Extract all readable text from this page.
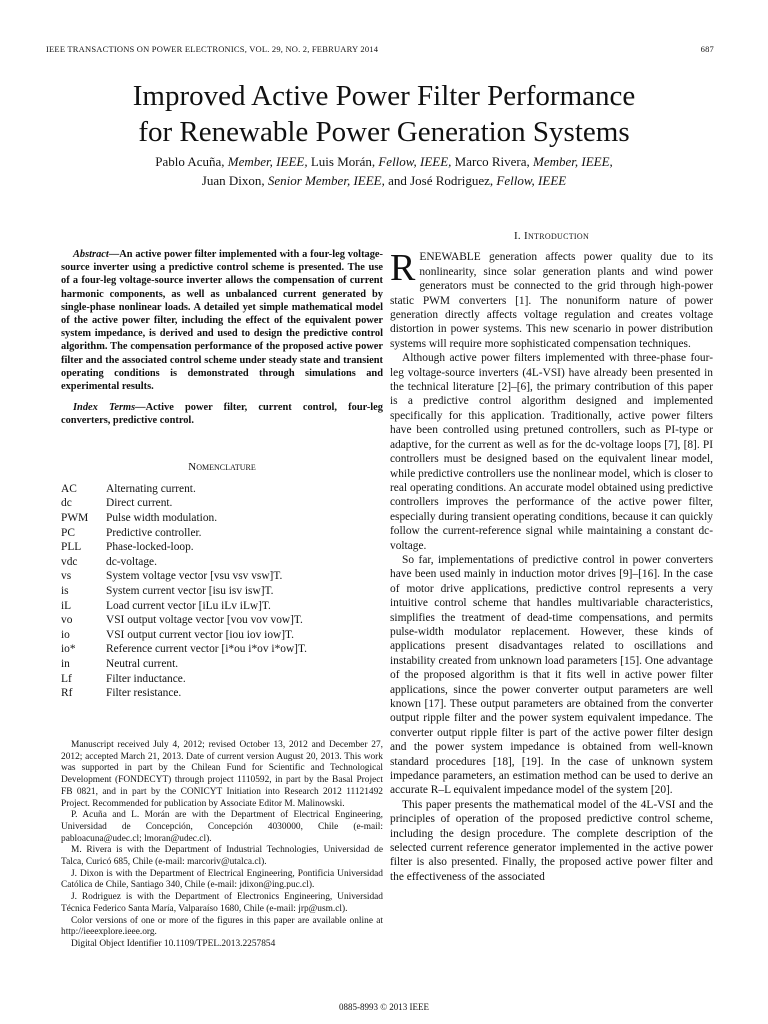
IEEE TRANSACTIONS ON POWER ELECTRONICS, VOL. 29, NO. 2, FEBRUARY 2014	687
Improved Active Power Filter Performance
for Renewable Power Generation Systems
Pablo Acuña, Member, IEEE, Luis Morán, Fellow, IEEE, Marco Rivera, Member, IEEE,
Juan Dixon, Senior Member, IEEE, and José Rodriguez, Fellow, IEEE

Abstract—An active power filter implemented with a four-leg voltage-source inverter using a predictive control scheme is presented. The use of a four-leg voltage-source inverter allows the compensation of current harmonic components, as well as unbalanced current generated by single-phase nonlinear loads. A detailed yet simple mathematical model of the active power filter, including the effect of the equivalent power system impedance, is derived and used to design the predictive control algorithm. The compensation performance of the proposed active power filter and the associated control scheme under steady state and transient operating conditions is demonstrated through simulations and experimental results.

Index Terms—Active power filter, current control, four-leg converters, predictive control.

Nomenclature
AC	Alternating current.
dc	Direct current.
PWM	Pulse width modulation.
PC	Predictive controller.
PLL	Phase-locked-loop.
vdc	dc-voltage.
vs	System voltage vector [vsu vsv vsw]T.
is	System current vector [isu isv isw]T.
iL	Load current vector [iLu iLv iLw]T.
vo	VSI output voltage vector [vou vov vow]T.
io	VSI output current vector [iou iov iow]T.
io*	Reference current vector [i*ou i*ov i*ow]T.
in	Neutral current.
Lf	Filter inductance.
Rf	Filter resistance.

Manuscript received July 4, 2012; revised October 13, 2012 and December 27, 2012; accepted March 21, 2013. Date of current version August 20, 2013. This work was supported in part by the Chilean Fund for Scientific and Technological Development (FONDECYT) through project 1110592, in part by the Basal Project FB 0821, and in part by the CONICYT Initiation into Research 2012 11121492 Project. Recommended for publication by Associate Editor M. Malinowski.

P. Acuña and L. Morán are with the Department of Electrical Engineering, Universidad de Concepción, Concepción 4030000, Chile (e-mail: pabloacuna@udec.cl; lmoran@udec.cl).

M. Rivera is with the Department of Industrial Technologies, Universidad de Talca, Curicó 685, Chile (e-mail: marcoriv@utalca.cl).

J. Dixon is with the Department of Electrical Engineering, Pontificia Universidad Católica de Chile, Santiago 340, Chile (e-mail: jdixon@ing.puc.cl).

J. Rodriguez is with the Department of Electronics Engineering, Universidad Técnica Federico Santa María, Valparaíso 1680, Chile (e-mail: jrp@usm.cl).

Color versions of one or more of the figures in this paper are available online at http://ieeexplore.ieee.org.

Digital Object Identifier 10.1109/TPEL.2013.2257854

I. Introduction

RENEWABLE generation affects power quality due to its nonlinearity, since solar generation plants and wind power generators must be connected to the grid through high-power static PWM converters [1]. The nonuniform nature of power generation directly affects voltage regulation and creates voltage distortion in power systems. This new scenario in power distribution systems will require more sophisticated compensation techniques.

Although active power filters implemented with three-phase four-leg voltage-source inverters (4L-VSI) have already been presented in the technical literature [2]–[6], the primary contribution of this paper is a predictive control algorithm designed and implemented specifically for this application. Traditionally, active power filters have been controlled using pretuned controllers, such as PI-type or adaptive, for the current as well as for the dc-voltage loops [7], [8]. PI controllers must be designed based on the equivalent linear model, while predictive controllers use the nonlinear model, which is closer to real operating conditions. An accurate model obtained using predictive controllers improves the performance of the active power filter, especially during transient operating conditions, because it can quickly follow the current-reference signal while maintaining a constant dc-voltage.

So far, implementations of predictive control in power converters have been used mainly in induction motor drives [9]–[16]. In the case of motor drive applications, predictive control represents a very intuitive control scheme that handles multivariable characteristics, simplifies the treatment of dead-time compensations, and permits pulse-width modulator replacement. However, these kinds of applications present disadvantages related to oscillations and instability created from unknown load parameters [15]. One advantage of the proposed algorithm is that it fits well in active power filter applications, since the power converter output parameters are well known [17]. These output parameters are obtained from the converter output ripple filter and the power system equivalent impedance. The converter output ripple filter is part of the active power filter design and the power system impedance is obtained from well-known standard procedures [18], [19]. In the case of unknown system impedance parameters, an estimation method can be used to derive an accurate R–L equivalent impedance model of the system [20].

This paper presents the mathematical model of the 4L-VSI and the principles of operation of the proposed predictive control scheme, including the design procedure. The complete description of the selected current reference generator implemented in the active power filter is also presented. Finally, the proposed active power filter and the effectiveness of the associated

0885-8993 © 2013 IEEE
